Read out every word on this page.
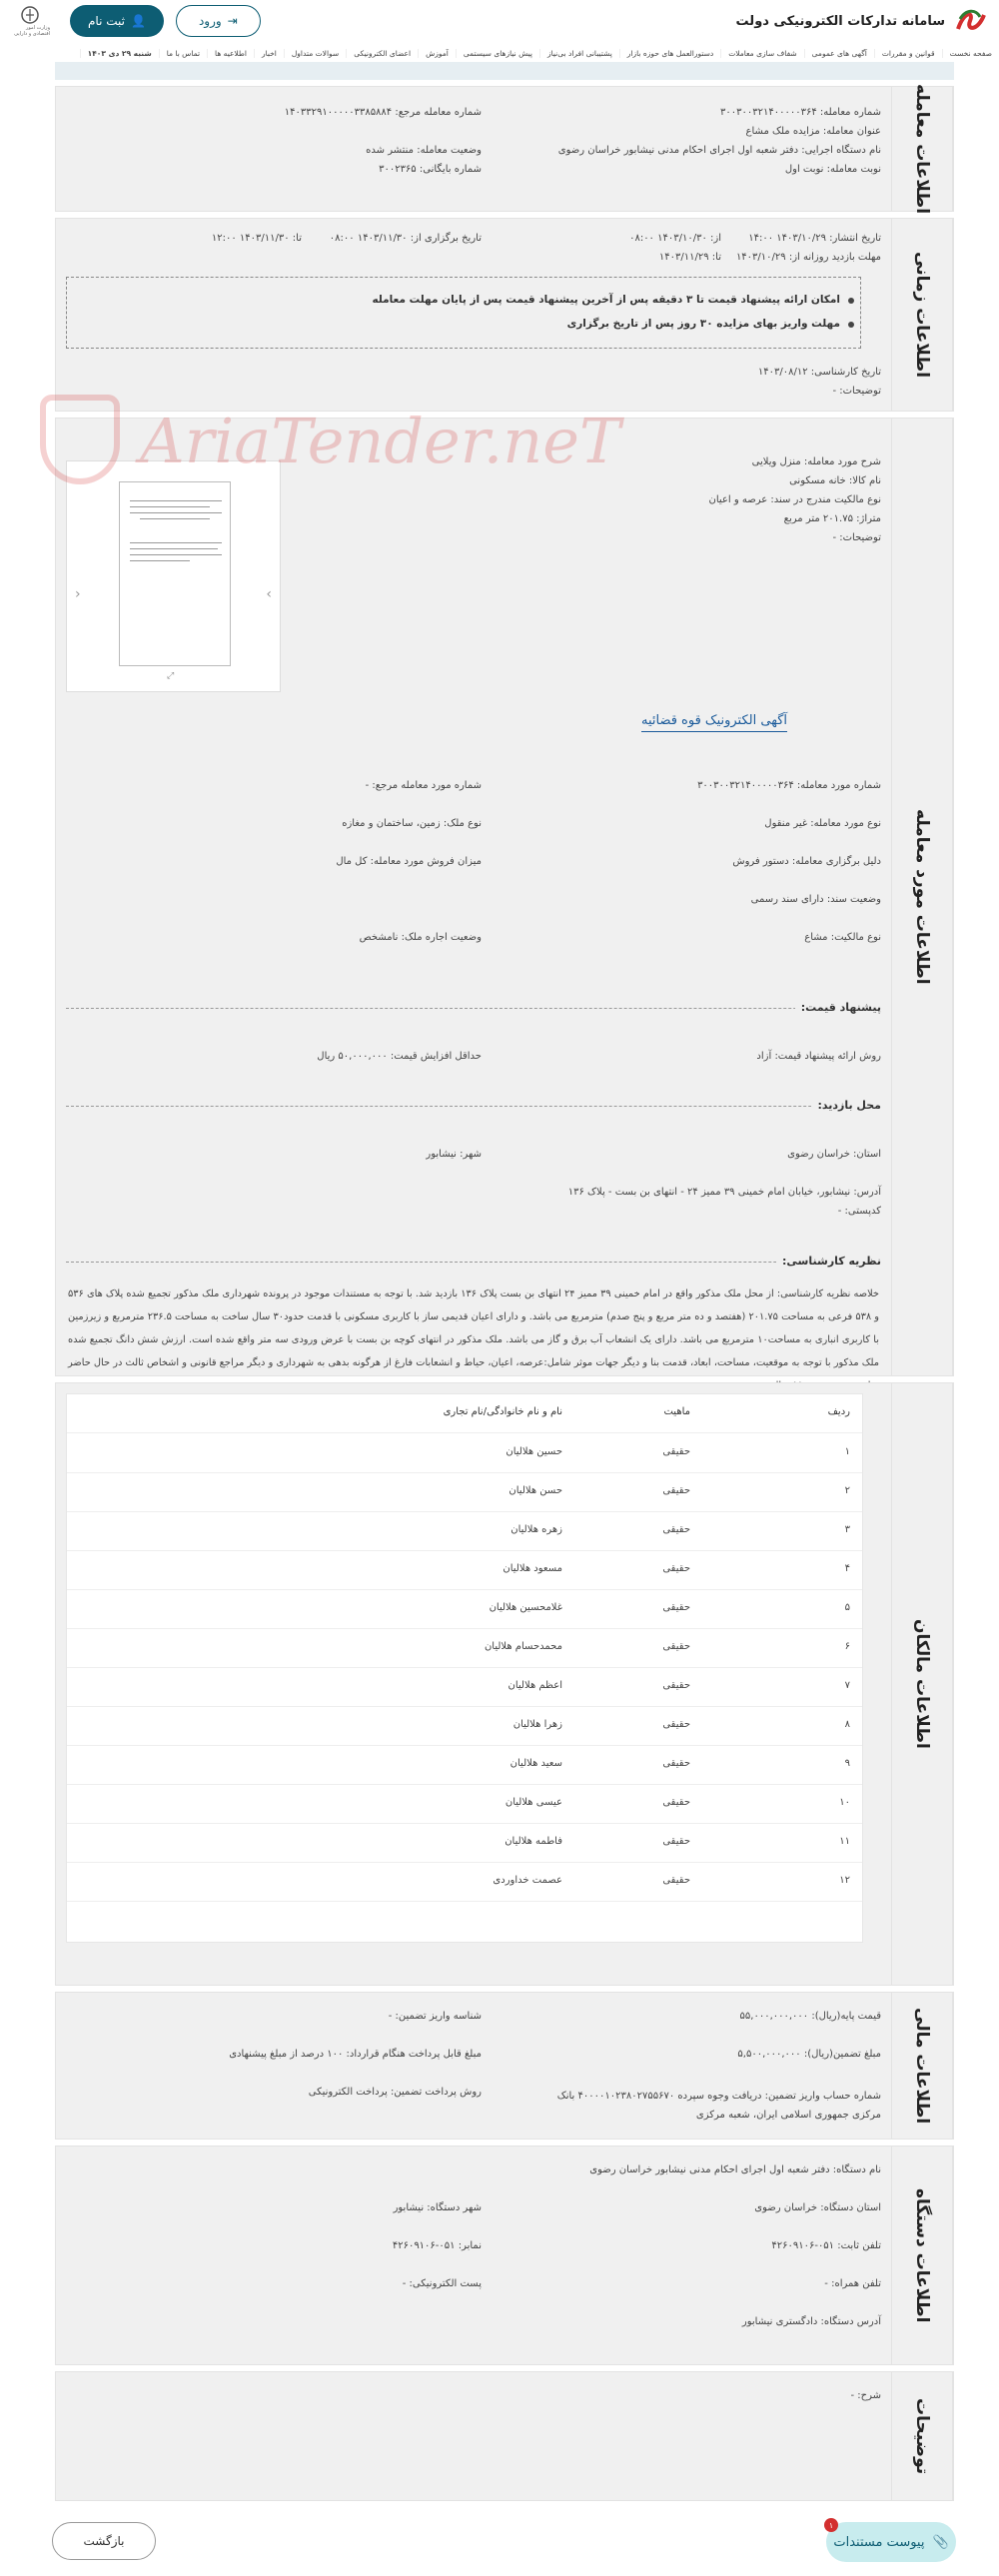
سامانه تدارکات الکترونیکی دولت
⇥
ورود
👤
ثبت نام
وزارت امور اقتصادی و دارایی
صفحه نخست
قوانین و مقررات
آگهی های عمومی
شفاف سازی معاملات
دستورالعمل های حوزه بازار
پشتیبانی افراد بی‌نیاز
پیش نیازهای سیستمی
آموزش
اعضای الکترونیکی
سوالات متداول
اخبار
اطلاعیه ها
تماس با ما
شنبه ۲۹ دی ۱۴۰۳
اطلاعات معامله
شماره معامله: ۳۰۰۳۰۰۳۲۱۴۰۰۰۰۰۳۶۴
شماره معامله مرجع: ۱۴۰۳۳۲۹۱۰۰۰۰۰۳۳۸۵۸۸۴
عنوان معامله: مزایده ملک مشاع
نام دستگاه اجرایی: دفتر شعبه اول اجرای احکام مدنی نیشابور خراسان رضوی
وضعیت معامله: منتشر شده
نوبت معامله: نوبت اول
شماره بایگانی: ۳۰۰۲۳۶۵
اطلاعات زمانی
تاریخ انتشار: ۱۴۰۳/۱۰/۲۹ ۱۴:۰۰
از: ۱۴۰۳/۱۰/۳۰ ۰۸:۰۰
تاریخ برگزاری از: ۱۴۰۳/۱۱/۳۰ ۰۸:۰۰
تا: ۱۴۰۳/۱۱/۳۰ ۱۲:۰۰
مهلت بازدید روزانه از: ۱۴۰۳/۱۰/۲۹
تا: ۱۴۰۳/۱۱/۲۹
امکان ارائه پیشنهاد قیمت تا ۳ دقیقه پس از آخرین پیشنهاد قیمت پس از پایان مهلت معامله
مهلت واریز بهای مزایده ۳۰ روز پس از تاریخ برگزاری
تاریخ کارشناسی: ۱۴۰۳/۰۸/۱۲
توضیحات: -
اطلاعات مورد معامله
شرح مورد معامله: منزل ویلایی
نام کالا: خانه مسکونی
نوع مالکیت مندرج در سند: عرصه و اعیان
متراژ: ۲۰۱.۷۵ متر مربع
توضیحات: -
‹	›
⤢
آگهی الکترونیک قوه قضائیه
شماره مورد معامله: ۳۰۰۳۰۰۳۲۱۴۰۰۰۰۰۳۶۴
شماره مورد معامله مرجع: -
نوع مورد معامله: غیر منقول
نوع ملک: زمین، ساختمان و مغازه
دلیل برگزاری معامله: دستور فروش
میزان فروش مورد معامله: کل مال
وضعیت سند: دارای سند رسمی
نوع مالکیت: مشاع
وضعیت اجاره ملک: نامشخص
پیشنهاد قیمت:
روش ارائه پیشنهاد قیمت: آزاد
حداقل افزایش قیمت: ۵۰,۰۰۰,۰۰۰ ریال
محل بازدید:
استان: خراسان رضوی
شهر: نیشابور
آدرس: نیشابور، خیابان امام خمینی ۳۹ ممیز ۲۴ - انتهای بن بست - پلاک ۱۳۶
کدپستی: -
نظریه کارشناسی:
خلاصه نظریه کارشناسی: از محل ملک مذکور واقع در امام خمینی ۳۹ ممیز ۲۴ انتهای بن بست پلاک ۱۳۶ بازدید شد. با توجه به مستندات موجود در پرونده شهرداری ملک مذکور تجمیع شده پلاک های ۵۳۶ و ۵۳۸ فرعی به مساحت ۲۰۱.۷۵ (هفتصد و ده متر مربع و پنج صدم) مترمربع می باشد. و دارای اعیان قدیمی ساز با کاربری مسکونی با قدمت حدود۳۰ سال ساخت به مساحت ۲۳۶.۵ مترمربع و زیرزمین با کاربری انباری به مساحت۱۰ مترمربع می باشد. دارای یک انشعاب آب برق و گاز می باشد. ملک مذکور در انتهای کوچه بن بست با عرض ورودی سه متر واقع شده است. ارزش شش دانگ تجمیع شده ملک مذکور با توجه به موقعیت، مساحت، ابعاد، قدمت بنا و دیگر جهات موثر شامل:عرصه، اعیان، حیاط و انشعابات فارغ از هرگونه بدهی به شهرداری و دیگر مراجع قانونی و اشخاص ثالث در حال حاضر
اطلاعات مالکان
ردیف
ماهیت
نام و نام خانوادگی/نام تجاری
۱
حقیقی
حسین هلالیان
۲
حقیقی
حسن هلالیان
۳
حقیقی
زهره هلالیان
۴
حقیقی
مسعود هلالیان
۵
حقیقی
غلامحسین هلالیان
۶
حقیقی
محمدحسام هلالیان
۷
حقیقی
اعظم هلالیان
۸
حقیقی
زهرا هلالیان
۹
حقیقی
سعید هلالیان
۱۰
حقیقی
عیسی هلالیان
۱۱
حقیقی
فاطمه هلالیان
۱۲
حقیقی
عصمت خداوردی
اطلاعات مالی
قیمت پایه(ریال): ۵۵,۰۰۰,۰۰۰,۰۰۰
شناسه واریز تضمین: -
مبلغ تضمین(ریال): ۵,۵۰۰,۰۰۰,۰۰۰
مبلغ قابل پرداخت هنگام قرارداد: ۱۰۰ درصد از مبلغ پیشنهادی
شماره حساب واریز تضمین: دریافت وجوه سپرده ۴۰۰۰۰۱۰۲۳۸۰۲۷۵۵۶۷۰ بانک مرکزی جمهوری اسلامی ایران، شعبه مرکزی
روش پرداخت تضمین: پرداخت الکترونیکی
اطلاعات دستگاه
نام دستگاه: دفتر شعبه اول اجرای احکام مدنی نیشابور خراسان رضوی
استان دستگاه: خراسان رضوی
شهر دستگاه: نیشابور
تلفن ثابت: ۰۵۱-۴۲۶۰۹۱۰۶
نمابر: ۰۵۱-۴۲۶۰۹۱۰۶
تلفن همراه: -
پست الکترونیکی: -
آدرس دستگاه: دادگستری نیشابور
توضیحات
شرح: -
بازگشت	📎
پیوست مستندات
۱
AriaTender.neT
